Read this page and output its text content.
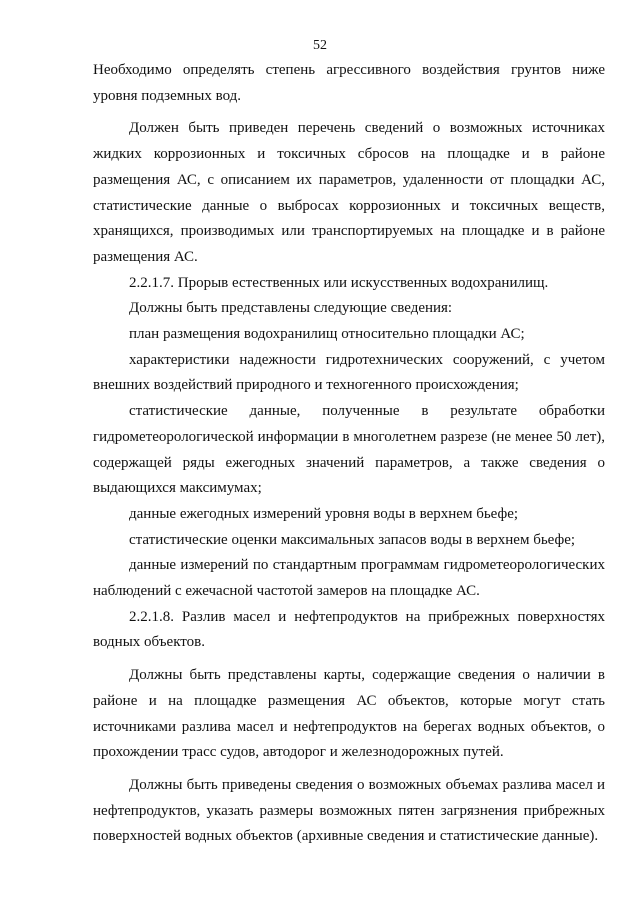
52

Необходимо определять степень агрессивного воздействия грунтов ниже уровня подземных вод.

Должен быть приведен перечень сведений о возможных источниках жидких коррозионных и токсичных сбросов на площадке и в районе размещения АС, с описанием их параметров, удаленности от площадки АС, статистические данные о выбросах коррозионных и токсичных веществ, хранящихся, производимых или транспортируемых на площадке и в районе размещения АС.

2.2.1.7. Прорыв естественных или искусственных водохранилищ.

Должны быть представлены следующие сведения:

план размещения водохранилищ относительно площадки АС;

характеристики надежности гидротехнических сооружений, с учетом внешних воздействий природного и техногенного происхождения;

статистические данные, полученные в результате обработки гидрометеорологической информации в многолетнем разрезе (не менее 50 лет), содержащей ряды ежегодных значений параметров, а также сведения о выдающихся максимумах;

данные ежегодных измерений уровня воды в верхнем бьефе;

статистические оценки максимальных запасов воды в верхнем бьефе;

данные измерений по стандартным программам гидрометеорологических наблюдений с ежечасной частотой замеров на площадке АС.

2.2.1.8. Разлив масел и нефтепродуктов на прибрежных поверхностях водных объектов.

Должны быть представлены карты, содержащие сведения о наличии в районе и на площадке размещения АС объектов, которые могут стать источниками разлива масел и нефтепродуктов на берегах водных объектов, о прохождении трасс судов, автодорог и железнодорожных путей.

Должны быть приведены сведения о возможных объемах разлива масел и нефтепродуктов, указать размеры возможных пятен загрязнения прибрежных поверхностей водных объектов (архивные сведения и статистические данные).
